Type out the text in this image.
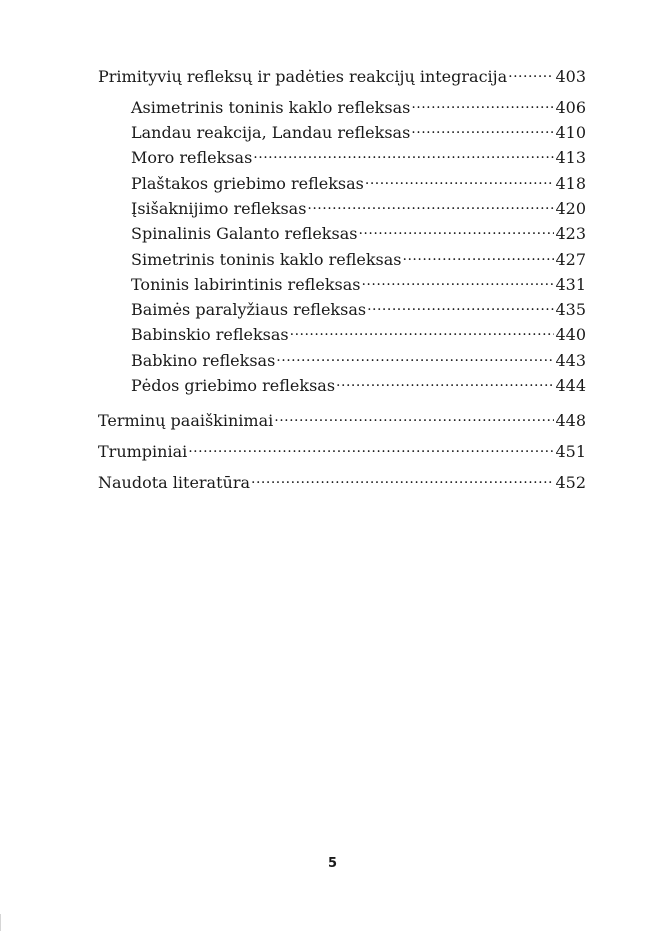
Primityvių refleksų ir padėties reakcijų integracija .....	403
Asimetrinis toninis kaklo refleksas .....	406
Landau reakcija, Landau refleksas .....	410
Moro refleksas .....	413
Plaštakos griebimo refleksas .....	418
Įsišaknijimo refleksas .....	420
Spinalinis Galanto refleksas .....	423
Simetrinis toninis kaklo refleksas .....	427
Toninis labirintinis refleksas .....	431
Baimės paralyžiaus refleksas .....	435
Babinskio refleksas .....	440
Babkino refleksas .....	443
Pėdos griebimo refleksas .....	444
Terminų paaiškinimai .....	448
Trumpiniai .....	451
Naudota literatūra .....	452
5
